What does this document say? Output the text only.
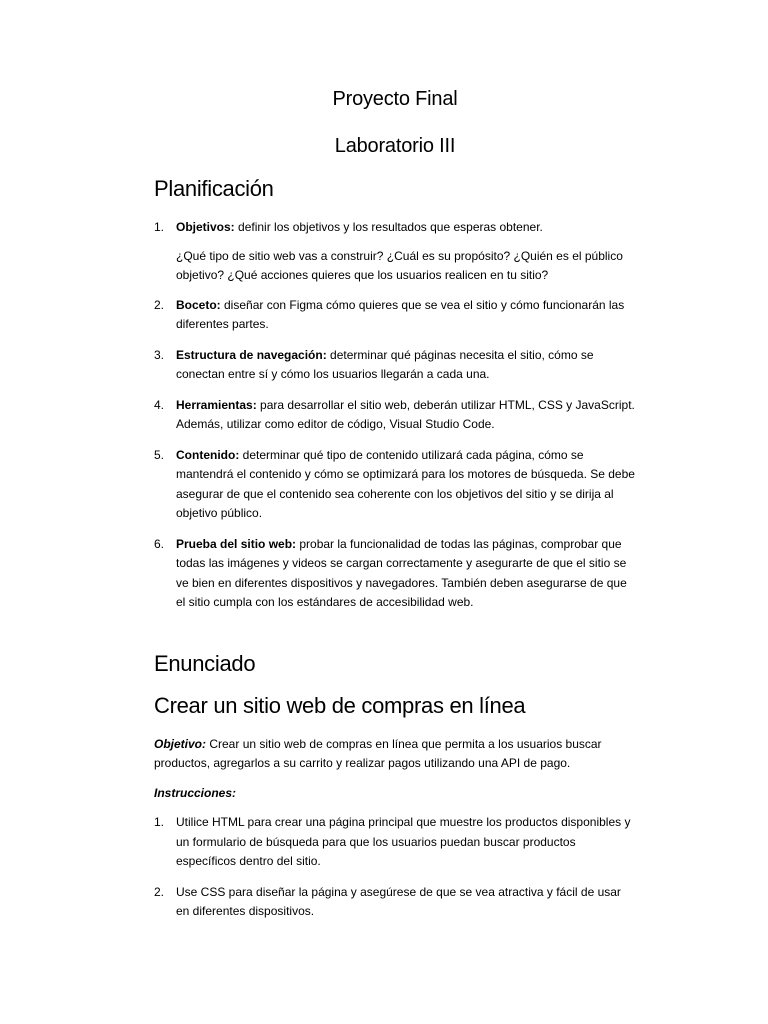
Proyecto Final
Laboratorio III
Planificación
1. Objetivos: definir los objetivos y los resultados que esperas obtener.

¿Qué tipo de sitio web vas a construir? ¿Cuál es su propósito? ¿Quién es el público objetivo? ¿Qué acciones quieres que los usuarios realicen en tu sitio?

2. Boceto: diseñar con Figma cómo quieres que se vea el sitio y cómo funcionarán las diferentes partes.
3. Estructura de navegación: determinar qué páginas necesita el sitio, cómo se conectan entre sí y cómo los usuarios llegarán a cada una.
4. Herramientas: para desarrollar el sitio web, deberán utilizar HTML, CSS y JavaScript. Además, utilizar como editor de código, Visual Studio Code.
5. Contenido: determinar qué tipo de contenido utilizará cada página, cómo se mantendrá el contenido y cómo se optimizará para los motores de búsqueda. Se debe asegurar de que el contenido sea coherente con los objetivos del sitio y se dirija al objetivo público.
6. Prueba del sitio web: probar la funcionalidad de todas las páginas, comprobar que todas las imágenes y videos se cargan correctamente y asegurarte de que el sitio se ve bien en diferentes dispositivos y navegadores. También deben asegurarse de que el sitio cumpla con los estándares de accesibilidad web.
Enunciado
Crear un sitio web de compras en línea

Objetivo: Crear un sitio web de compras en línea que permita a los usuarios buscar productos, agregarlos a su carrito y realizar pagos utilizando una API de pago.

Instrucciones:

1. Utilice HTML para crear una página principal que muestre los productos disponibles y un formulario de búsqueda para que los usuarios puedan buscar productos específicos dentro del sitio.
2. Use CSS para diseñar la página y asegúrese de que se vea atractiva y fácil de usar en diferentes dispositivos.
